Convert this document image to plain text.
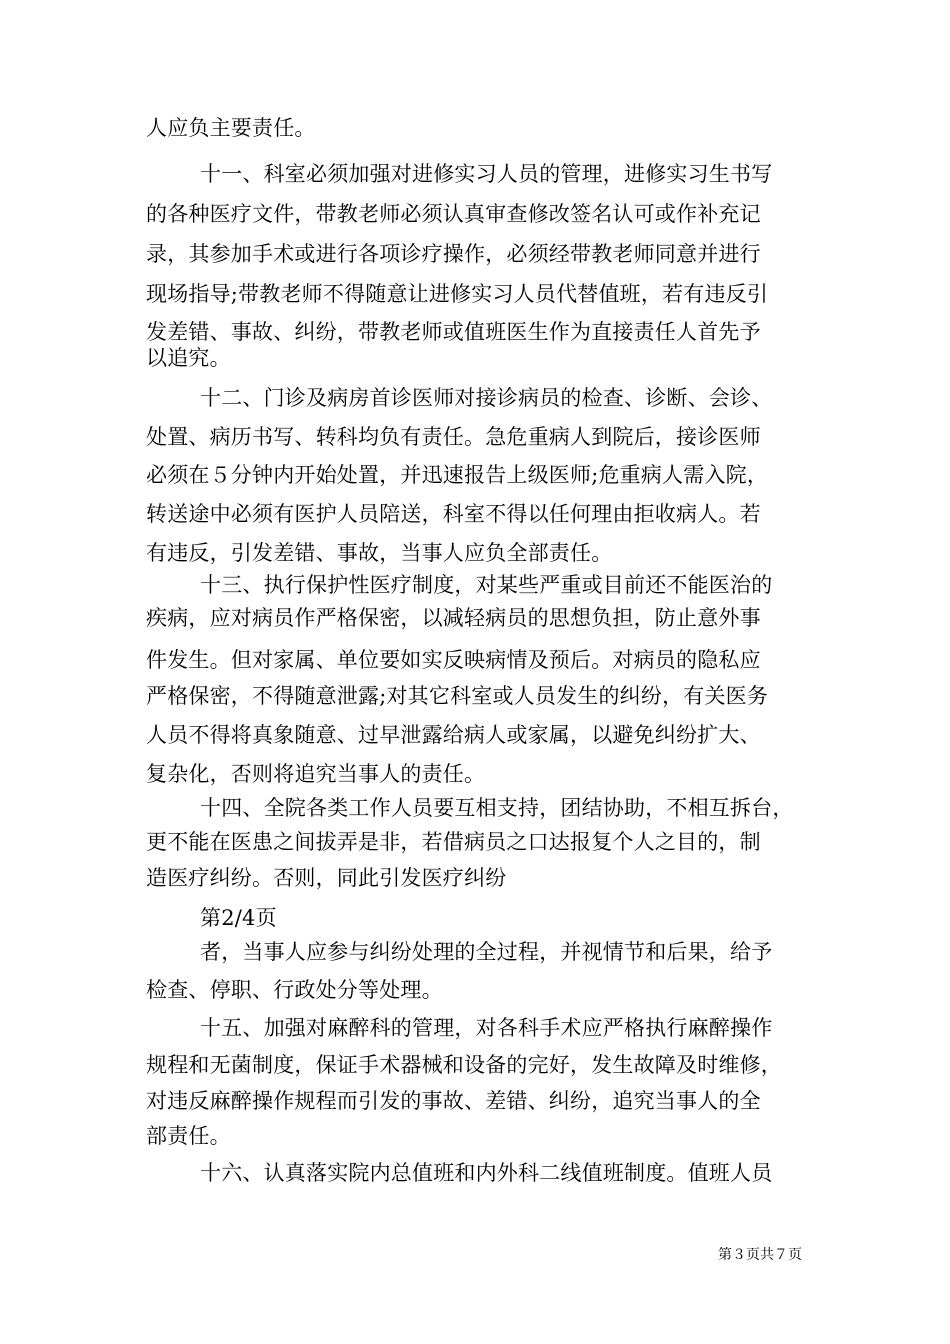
人应负主要责任。
十一、科室必须加强对进修实习人员的管理，进修实习生书写
的各种医疗文件，带教老师必须认真审查修改签名认可或作补充记
录，其参加手术或进行各项诊疗操作，必须经带教老师同意并进行
现场指导;带教老师不得随意让进修实习人员代替值班，若有违反引
发差错、事故、纠纷，带教老师或值班医生作为直接责任人首先予
以追究。
十二、门诊及病房首诊医师对接诊病员的检查、诊断、会诊、
处置、病历书写、转科均负有责任。急危重病人到院后，接诊医师
必须在５分钟内开始处置，并迅速报告上级医师;危重病人需入院，
转送途中必须有医护人员陪送，科室不得以任何理由拒收病人。若
有违反，引发差错、事故，当事人应负全部责任。
十三、执行保护性医疗制度，对某些严重或目前还不能医治的
疾病，应对病员作严格保密，以减轻病员的思想负担，防止意外事
件发生。但对家属、单位要如实反映病情及预后。对病员的隐私应
严格保密，不得随意泄露;对其它科室或人员发生的纠纷，有关医务
人员不得将真象随意、过早泄露给病人或家属，以避免纠纷扩大、
复杂化，否则将追究当事人的责任。
十四、全院各类工作人员要互相支持，团结协助，不相互拆台，
更不能在医患之间拔弄是非，若借病员之口达报复个人之目的，制
造医疗纠纷。否则，同此引发医疗纠纷
第2/4页
者，当事人应参与纠纷处理的全过程，并视情节和后果，给予
检查、停职、行政处分等处理。
十五、加强对麻醉科的管理，对各科手术应严格执行麻醉操作
规程和无菌制度，保证手术器械和设备的完好，发生故障及时维修，
对违反麻醉操作规程而引发的事故、差错、纠纷，追究当事人的全
部责任。
十六、认真落实院内总值班和内外科二线值班制度。值班人员
第３页共７页
